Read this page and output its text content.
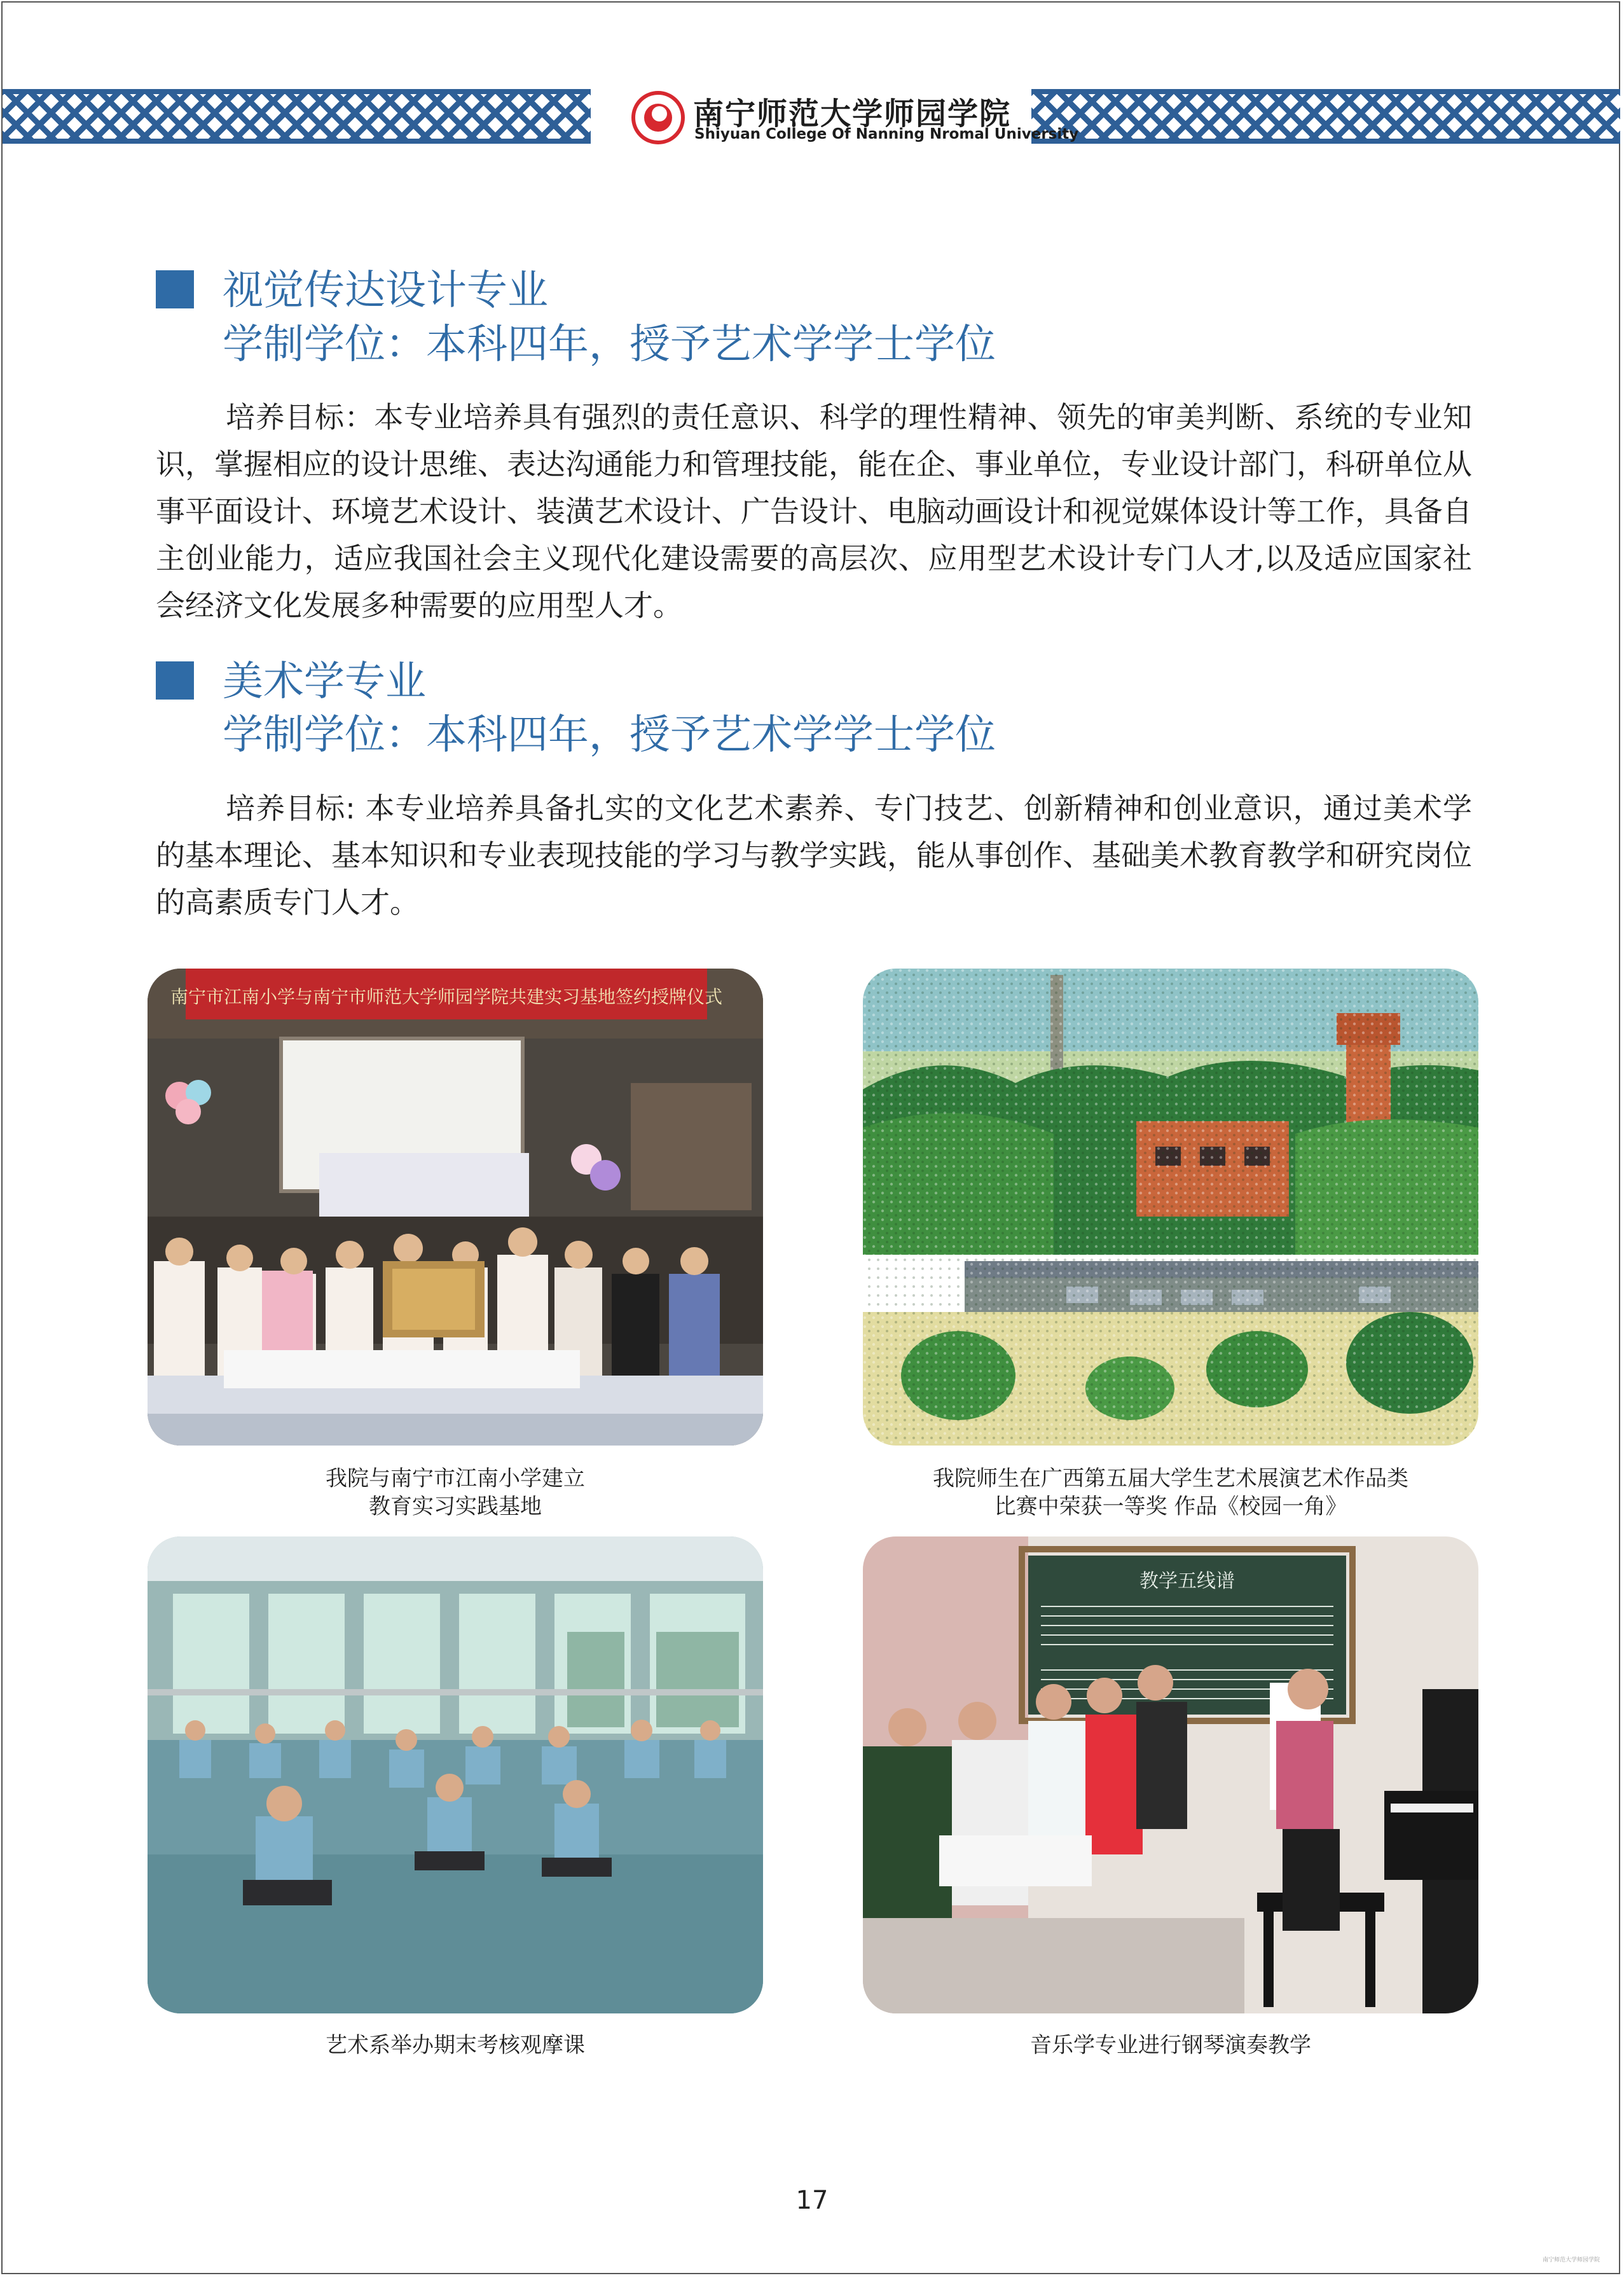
南宁师范大学师园学院
Shiyuan College Of Nanning Nromal University
视觉传达设计专业
学制学位：本科四年，授予艺术学学士学位

培养目标：本专业培养具有强烈的责任意识、科学的理性精神、领先的审美判断、系统的专业知识，掌握相应的设计思维、表达沟通能力和管理技能，能在企、事业单位，专业设计部门，科研单位从事平面设计、环境艺术设计、装潢艺术设计、广告设计、电脑动画设计和视觉媒体设计等工作，具备自主创业能力，适应我国社会主义现代化建设需要的高层次、应用型艺术设计专门人才,以及适应国家社会经济文化发展多种需要的应用型人才。

美术学专业
学制学位：本科四年，授予艺术学学士学位

培养目标: 本专业培养具备扎实的文化艺术素养、专门技艺、创新精神和创业意识，通过美术学的基本理论、基本知识和专业表现技能的学习与教学实践，能从事创作、基础美术教育教学和研究岗位的高素质专门人才。

南宁市江南小学与南宁市师范大学师园学院共建实习基地签约授牌仪式
我院与南宁市江南小学建立
教育实习实践基地
我院师生在广西第五届大学生艺术展演艺术作品类
比赛中荣获一等奖 作品《校园一角》
艺术系举办期末考核观摩课
教学五线谱
音乐学专业进行钢琴演奏教学
17
南宁师范大学师园学院
